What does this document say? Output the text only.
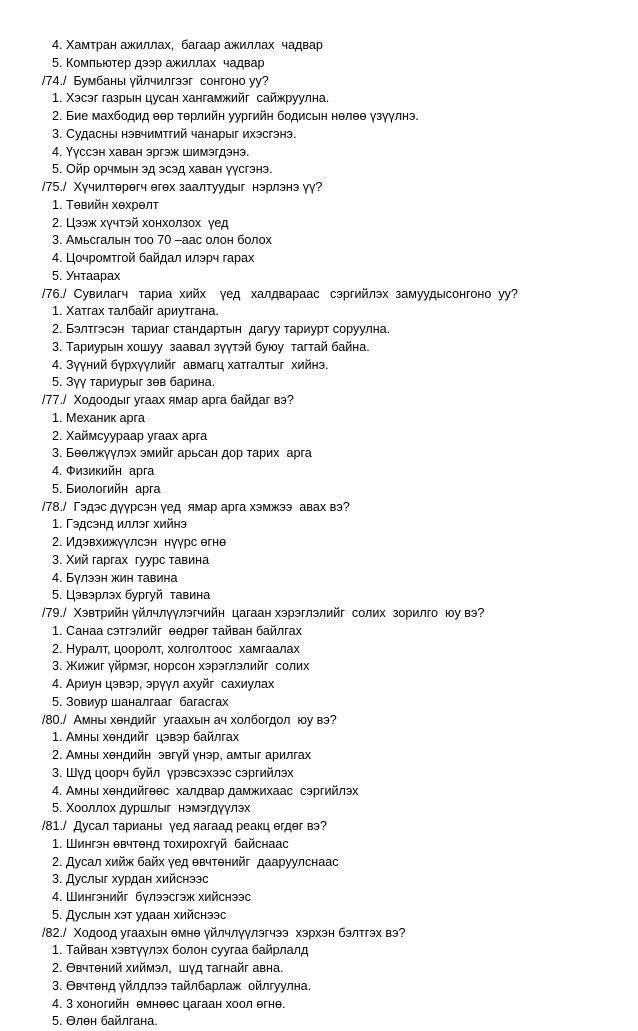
4. Хамтран ажиллах,  багаар ажиллах  чадвар
5. Компьютер дээр ажиллах  чадвар
/74./  Бумбаны үйлчилгээг  сонгоно уу?
1. Хэсэг газрын цусан хангамжийг  сайжруулна.
2. Бие махбодид өөр төрлийн уургийн бодисын нөлөө үзүүлнэ.
3. Судасны нэвчимтгий чанарыг ихэсгэнэ.
4. Үүссэн хаван эргэж шимэгдэнэ.
5. Ойр орчмын эд эсэд хаван үүсгэнэ.
/75./  Хүчилтөрөгч өгөх заалтуудыг  нэрлэнэ үү?
1. Төвийн хөхрөлт
2. Цээж хүчтэй хонхолзох  үед
3. Амьсгалын тоо 70 –аас олон болох
4. Цочромтгой байдал илэрч гарах
5. Унтаарах
/76./  Сувилагч   тариа  хийх    үед   халдвараас   сэргийлэх  замуудысонгоно  уу?
1. Хатгах талбайг ариутгана.
2. Бэлтгэсэн  тариаг стандартын  дагуу тариурт соруулна.
3. Тариурын хошуу  заавал зүүтэй буюу  тагтай байна.
4. Зүүний бүрхүүлийг  авмагц хатгалтыг  хийнэ.
5. Зүү тариурыг зөв барина.
/77./  Ходоодыг угаах ямар арга байдаг вэ?
1. Механик арга
2. Хаймсуураар угаах арга
3. Бөөлжүүлэх эмийг арьсан дор тарих  арга
4. Физикийн  арга
5. Биологийн  арга
/78./  Гэдэс дүүрсэн үед  ямар арга хэмжээ  авах вэ?
1. Гэдсэнд иллэг хийнэ
2. Идэвхижүүлсэн  нүүрс өгнө
3. Хий гаргах  гуурс тавина
4. Бүлээн жин тавина
5. Цэвэрлэх бургуй  тавина
/79./  Хэвтрийн үйлчлүүлэгчийн  цагаан хэрэглэлийг  солих  зорилго  юу вэ?
1. Санаа сэтгэлийг  өөдрөг тайван байлгах
2. Нуралт, цооролт, холголтоос  хамгаалах
3. Жижиг үйрмэг, норсон хэрэглэлийг  солих
4. Ариун цэвэр, эрүүл ахуйг  сахиулах
5. Зовиур шаналгааг  багасгах
/80./  Амны хөндийг  угаахын ач холбогдол  юу вэ?
1. Амны хөндийг  цэвэр байлгах
2. Амны хөндийн  эвгүй үнэр, амтыг арилгах
3. Шүд цоорч буйл  үрэвсэхээс сэргийлэх
4. Амны хөндийгөөс  халдвар дамжихаас  сэргийлэх
5. Хооллох дуршлыг  нэмэгдүүлэх
/81./  Дусал тарианы  үед яагаад реакц өгдөг вэ?
1. Шингэн өвчтөнд тохирохгүй  байснаас
2. Дусал хийж байх үед өвчтөнийг  дааруулснаас
3. Дуслыг хурдан хийснээс
4. Шингэнийг  бүлээсгэж хийснээс
5. Дуслын хэт удаан хийснээс
/82./  Ходоод угаахын өмнө үйлчлүүлэгчээ  хэрхэн бэлтгэх вэ?
1. Тайван хэвтүүлэх болон суугаа байрлалд
2. Өвчтөний хиймэл,  шүд тагнайг авна.
3. Өвчтөнд үйлдлээ тайлбарлаж  ойлгуулна.
4. 3 хоногийн  өмнөөс цагаан хоол өгнө.
5. Өлөн байлгана.
